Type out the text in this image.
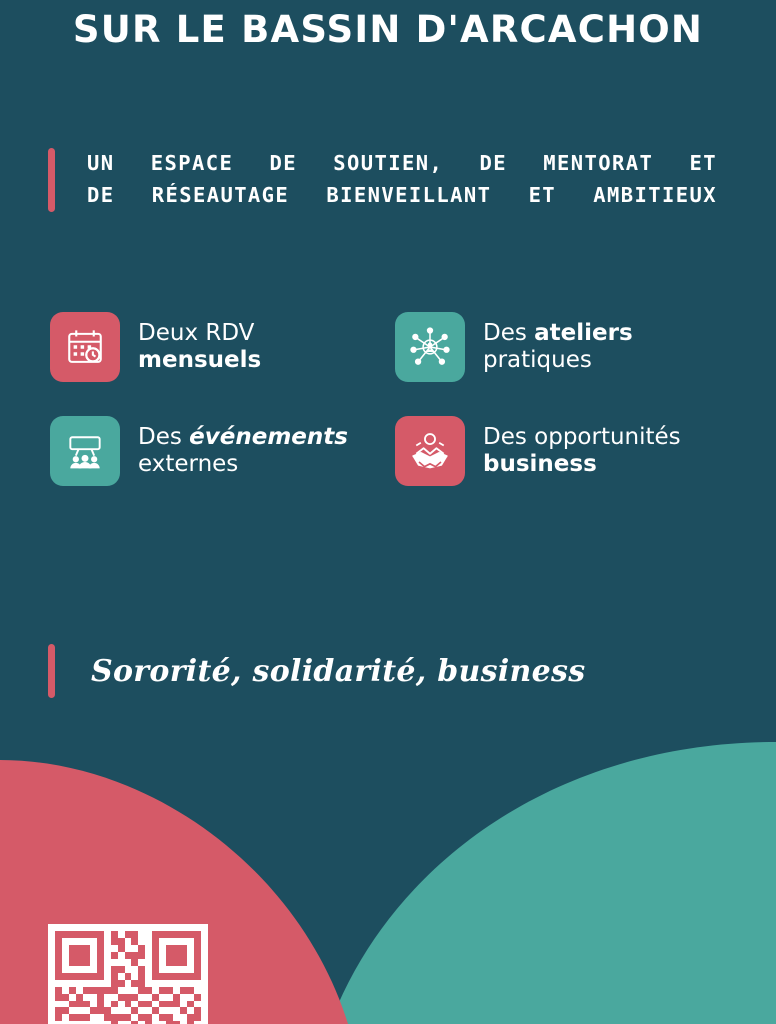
SUR LE BASSIN D'ARCACHON
UN ESPACE DE SOUTIEN, DE MENTORAT ET
DE RÉSEAUTAGE BIENVEILLANT ET AMBITIEUX
Deux RDV
mensuels
Des ateliers
pratiques
Des événements
externes
Des opportunités
business
Sororité, solidarité, business
